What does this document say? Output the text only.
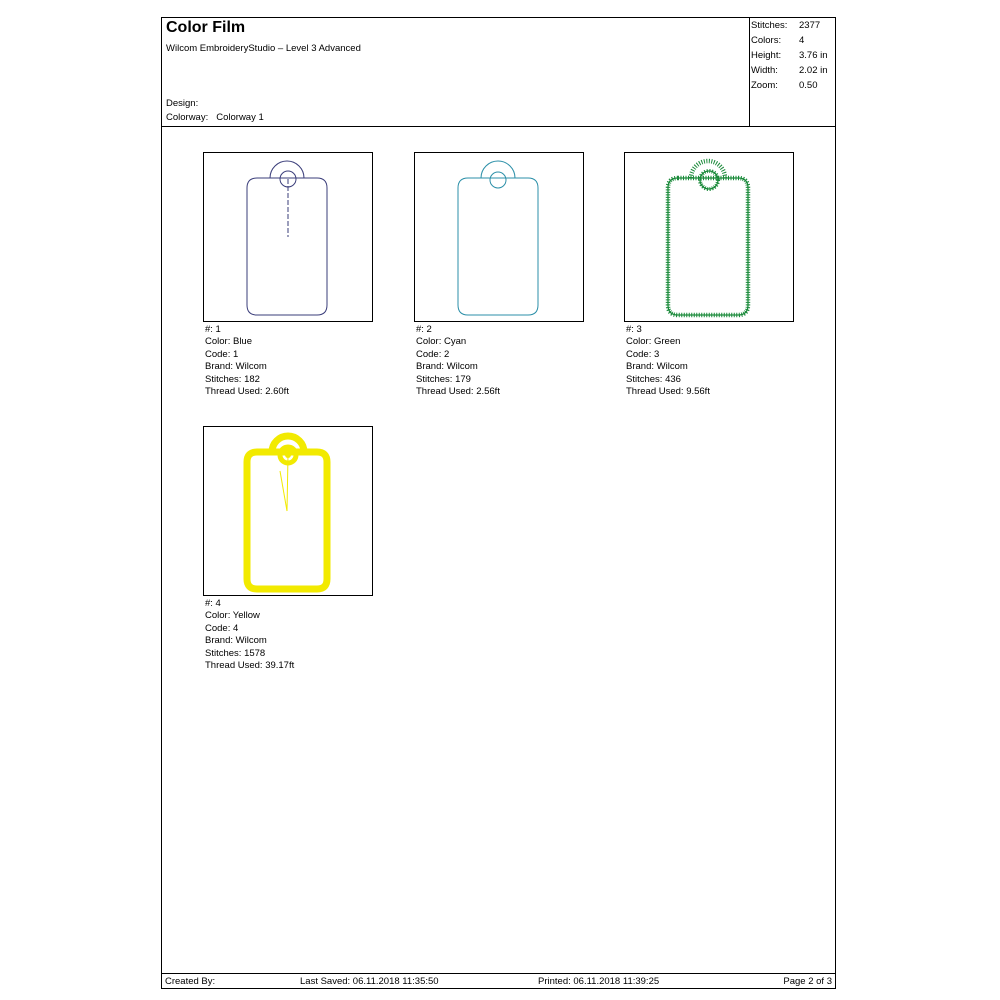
Color Film
Wilcom EmbroideryStudio – Level 3 Advanced
Design:
Colorway: Colorway 1
Stitches: 2377
Colors: 4
Height: 3.76 in
Width: 2.02 in
Zoom: 0.50
#: 1
Color: Blue
Code: 1
Brand: Wilcom
Stitches: 182
Thread Used: 2.60ft
#: 2
Color: Cyan
Code: 2
Brand: Wilcom
Stitches: 179
Thread Used: 2.56ft
#: 3
Color: Green
Code: 3
Brand: Wilcom
Stitches: 436
Thread Used: 9.56ft
#: 4
Color: Yellow
Code: 4
Brand: Wilcom
Stitches: 1578
Thread Used: 39.17ft
Created By:	Last Saved: 06.11.2018 11:35:50	Printed: 06.11.2018 11:39:25	Page 2 of 3
